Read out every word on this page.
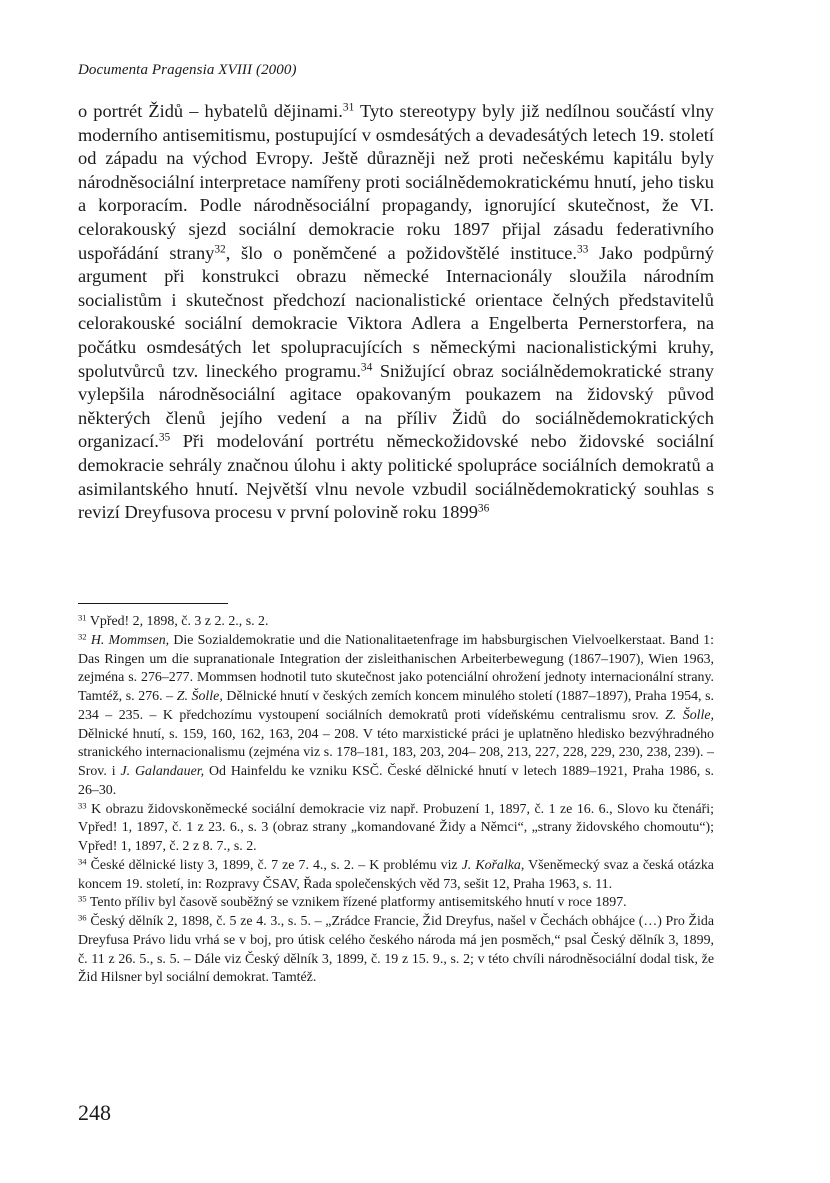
Documenta Pragensia XVIII (2000)

o portrét Židů – hybatelů dějinami.$^{31}$ Tyto stereotypy byly již nedílnou součástí vlny moderního antisemitismu, postupující v osmdesátých a devadesátých letech 19. století od západu na východ Evropy. Ještě důrazněji než proti nečeskému kapitálu byly národněsociální interpretace namířeny proti sociálnědemokratickému hnutí, jeho tisku a korporacím. Podle národněsociální propagandy, ignorující skutečnost, že VI. celorakouský sjezd sociální demokracie roku 1897 přijal zásadu federativního uspořádání strany$^{32}$, šlo o poněmčené a požidovštělé instituce.$^{33}$ Jako podpůrný argument při konstrukci obrazu německé Internacionály sloužila národním socialistům i skutečnost předchozí nacionalistické orientace čelných představitelů celorakouské sociální demokracie Viktora Adlera a Engelberta Pernerstorfera, na počátku osmdesátých let spolupracujících s německými nacionalistickými kruhy, spolutvůrců tzv. lineckého programu.$^{34}$ Snižující obraz sociálnědemokratické strany vylepšila národněsociální agitace opakovaným poukazem na židovský původ některých členů jejího vedení a na příliv Židů do sociálnědemokratických organizací.$^{35}$ Při modelování portrétu německožidovské nebo židovské sociální demokracie sehrály značnou úlohu i akty politické spolupráce sociálních demokratů a asimilantského hnutí. Největší vlnu nevole vzbudil sociálnědemokratický souhlas s revizí Dreyfusova procesu v první polovině roku 1899$^{36}$

$^{31}$ Vpřed! 2, 1898, č. 3 z 2. 2., s. 2.

$^{32}$ H. Mommsen, Die Sozialdemokratie und die Nationalitaetenfrage im habsburgischen Vielvoelkerstaat. Band 1: Das Ringen um die supranationale Integration der zisleithanischen Arbeiterbewegung (1867–1907), Wien 1963, zejména s. 276–277. Mommsen hodnotil tuto skutečnost jako potenciální ohrožení jednoty internacionální strany. Tamtéž, s. 276. – Z. Šolle, Dělnické hnutí v českých zemích koncem minulého století (1887–1897), Praha 1954, s. 234 – 235. – K předchozímu vystoupení sociálních demokratů proti vídeňskému centralismu srov. Z. Šolle, Dělnické hnutí, s. 159, 160, 162, 163, 204 – 208. V této marxistické práci je uplatněno hledisko bezvýhradného stranického internacionalismu (zejména viz s. 178–181, 183, 203, 204– 208, 213, 227, 228, 229, 230, 238, 239). – Srov. i J. Galandauer, Od Hainfeldu ke vzniku KSČ. České dělnické hnutí v letech 1889–1921, Praha 1986, s. 26–30.

$^{33}$ K obrazu židovskoněmecké sociální demokracie viz např. Probuzení 1, 1897, č. 1 ze 16. 6., Slovo ku čtenáři; Vpřed! 1, 1897, č. 1 z 23. 6., s. 3 (obraz strany „komandované Židy a Němci“, „strany židovského chomoutu“); Vpřed! 1, 1897, č. 2 z 8. 7., s. 2.

$^{34}$ České dělnické listy 3, 1899, č. 7 ze 7. 4., s. 2. – K problému viz J. Kořalka, Všeněmecký svaz a česká otázka koncem 19. století, in: Rozpravy ČSAV, Řada společenských věd 73, sešit 12, Praha 1963, s. 11.

$^{35}$ Tento příliv byl časově souběžný se vznikem řízené platformy antisemitského hnutí v roce 1897.

$^{36}$ Český dělník 2, 1898, č. 5 ze 4. 3., s. 5. – „Zrádce Francie, Žid Dreyfus, našel v Čechách obhájce (…) Pro Žida Dreyfusa Právo lidu vrhá se v boj, pro útisk celého českého národa má jen posměch,“ psal Český dělník 3, 1899, č. 11 z 26. 5., s. 5. – Dále viz Český dělník 3, 1899, č. 19 z 15. 9., s. 2; v této chvíli národněsociální dodal tisk, že Žid Hilsner byl sociální demokrat. Tamtéž.

248
